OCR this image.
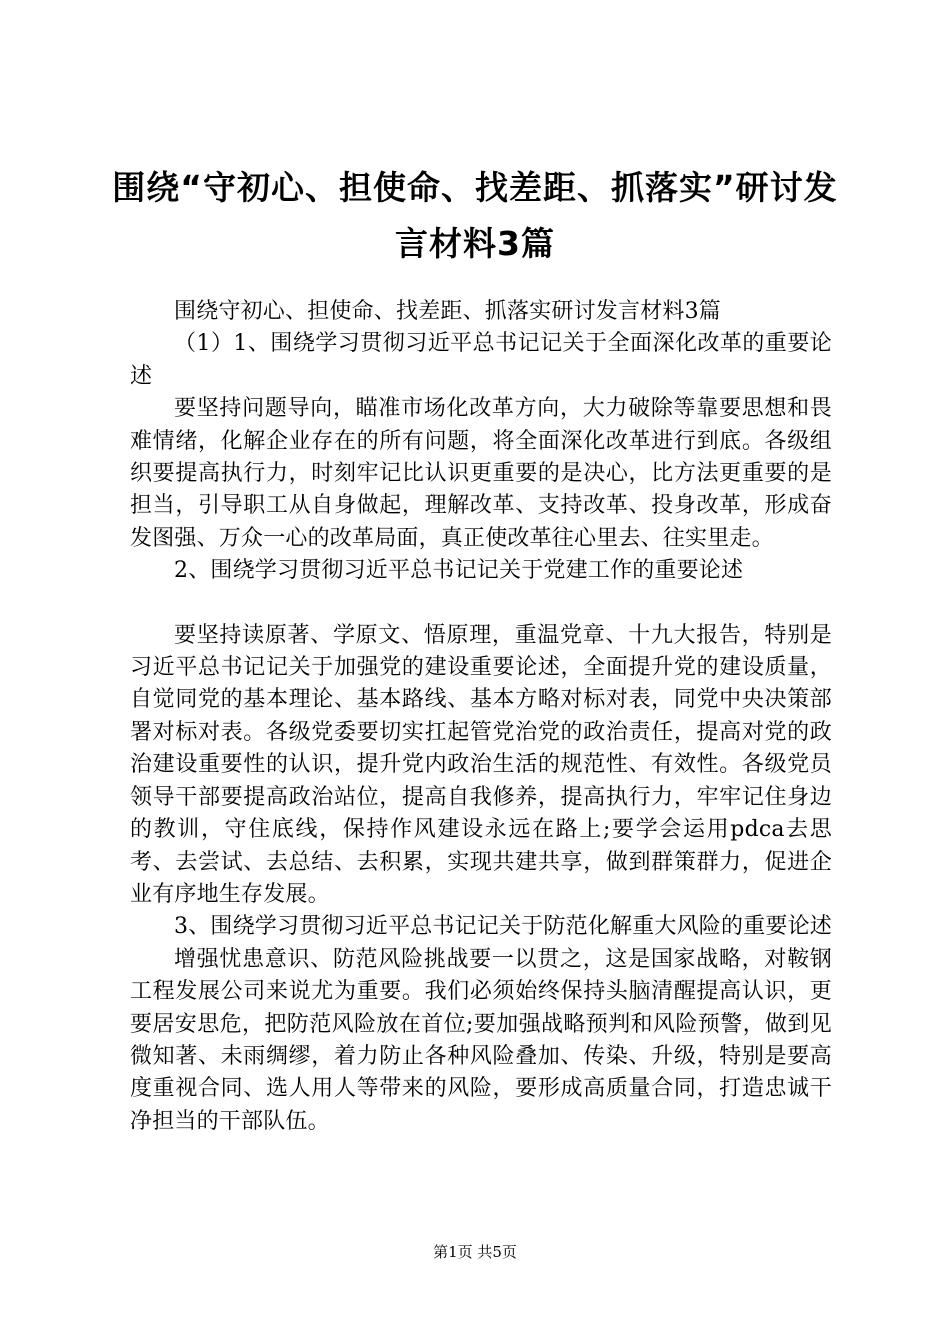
围绕“守初心、担使命、找差距、抓落实”研讨发言材料3篇

围绕守初心、担使命、找差距、抓落实研讨发言材料3篇

（1）1、围绕学习贯彻习近平总书记记关于全面深化改革的重要论述

要坚持问题导向，瞄准市场化改革方向，大力破除等靠要思想和畏难情绪，化解企业存在的所有问题，将全面深化改革进行到底。各级组织要提高执行力，时刻牢记比认识更重要的是决心，比方法更重要的是担当，引导职工从自身做起，理解改革、支持改革、投身改革，形成奋发图强、万众一心的改革局面，真正使改革往心里去、往实里走。

2、围绕学习贯彻习近平总书记记关于党建工作的重要论述

要坚持读原著、学原文、悟原理，重温党章、十九大报告，特别是习近平总书记记关于加强党的建设重要论述，全面提升党的建设质量，自觉同党的基本理论、基本路线、基本方略对标对表，同党中央决策部署对标对表。各级党委要切实扛起管党治党的政治责任，提高对党的政治建设重要性的认识，提升党内政治生活的规范性、有效性。各级党员领导干部要提高政治站位，提高自我修养，提高执行力，牢牢记住身边的教训，守住底线，保持作风建设永远在路上;要学会运用pdca去思考、去尝试、去总结、去积累，实现共建共享，做到群策群力，促进企业有序地生存发展。

3、围绕学习贯彻习近平总书记记关于防范化解重大风险的重要论述

增强忧患意识、防范风险挑战要一以贯之，这是国家战略，对鞍钢工程发展公司来说尤为重要。我们必须始终保持头脑清醒提高认识，更要居安思危，把防范风险放在首位;要加强战略预判和风险预警，做到见微知著、未雨绸缪，着力防止各种风险叠加、传染、升级，特别是要高度重视合同、选人用人等带来的风险，要形成高质量合同，打造忠诚干净担当的干部队伍。

第1页 共5页
